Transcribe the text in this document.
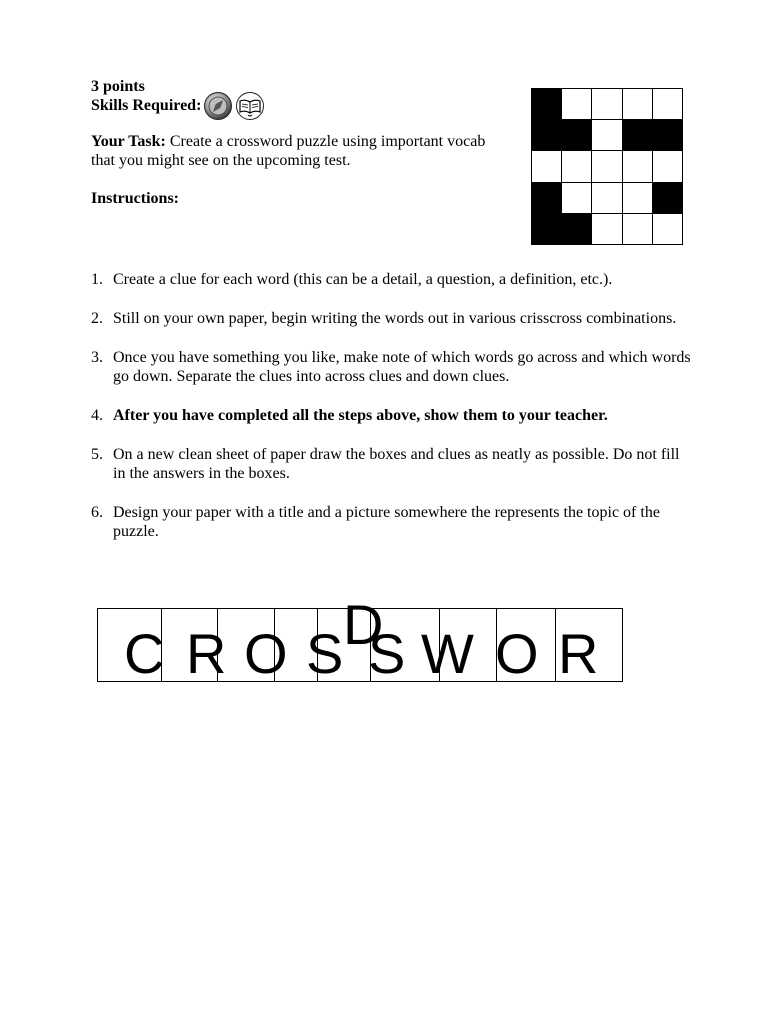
3 points
Skills Required:
Your Task: Create a crossword puzzle using important vocab that you might see on the upcoming test.
Instructions:

1. Create a clue for each word (this can be a detail, a question, a definition, etc.).
2. Still on your own paper, begin writing the words out in various crisscross combinations.
3. Once you have something you like, make note of which words go across and which words go down. Separate the clues into across clues and down clues.
4. After you have completed all the steps above, show them to your teacher.
5. On a new clean sheet of paper draw the boxes and clues as neatly as possible. Do not fill in the answers in the boxes.
6. Design your paper with a title and a picture somewhere the represents the topic of the puzzle.
C R O S D
S W O R
